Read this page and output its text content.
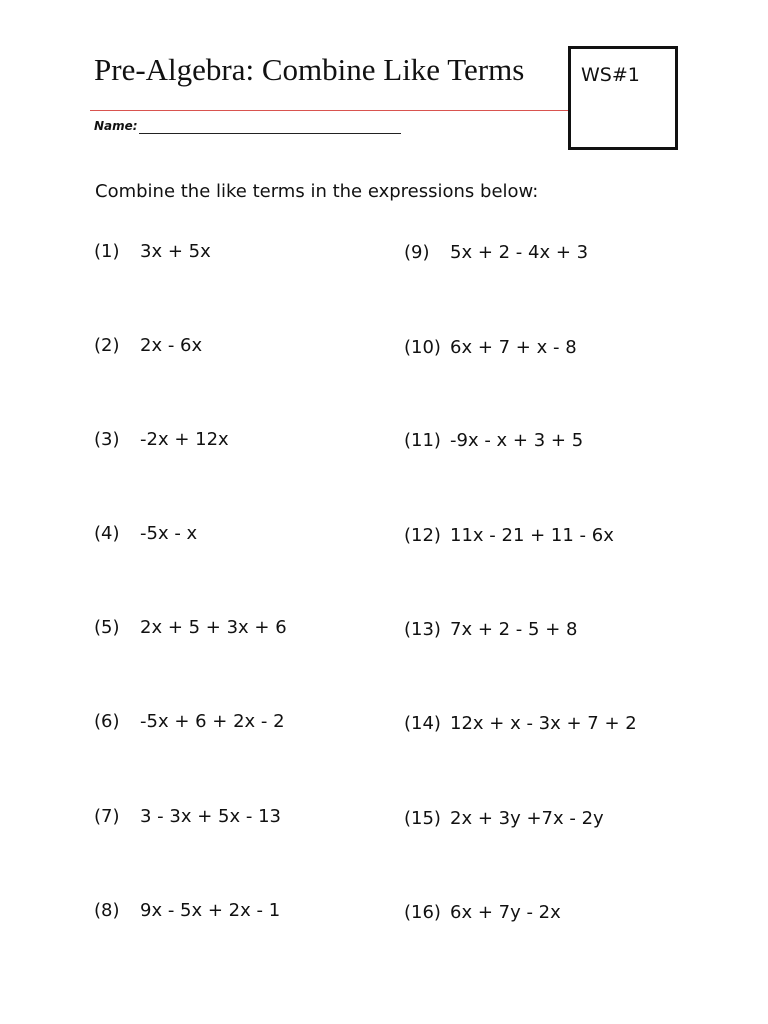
Pre-Algebra: Combine Like Terms	WS#1
Name:
Combine the like terms in the expressions below:
(1) 3x + 5x
(2) 2x - 6x
(3) -2x + 12x
(4) -5x - x
(5) 2x + 5 + 3x + 6
(6) -5x + 6 + 2x - 2
(7) 3 - 3x + 5x - 13
(8) 9x - 5x + 2x - 1
(9) 5x + 2 - 4x + 3
(10) 6x + 7 + x - 8
(11) -9x - x + 3 + 5
(12) 11x - 21 + 11 - 6x
(13) 7x + 2 - 5 + 8
(14) 12x + x - 3x + 7 + 2
(15) 2x + 3y +7x - 2y
(16) 6x + 7y - 2x
